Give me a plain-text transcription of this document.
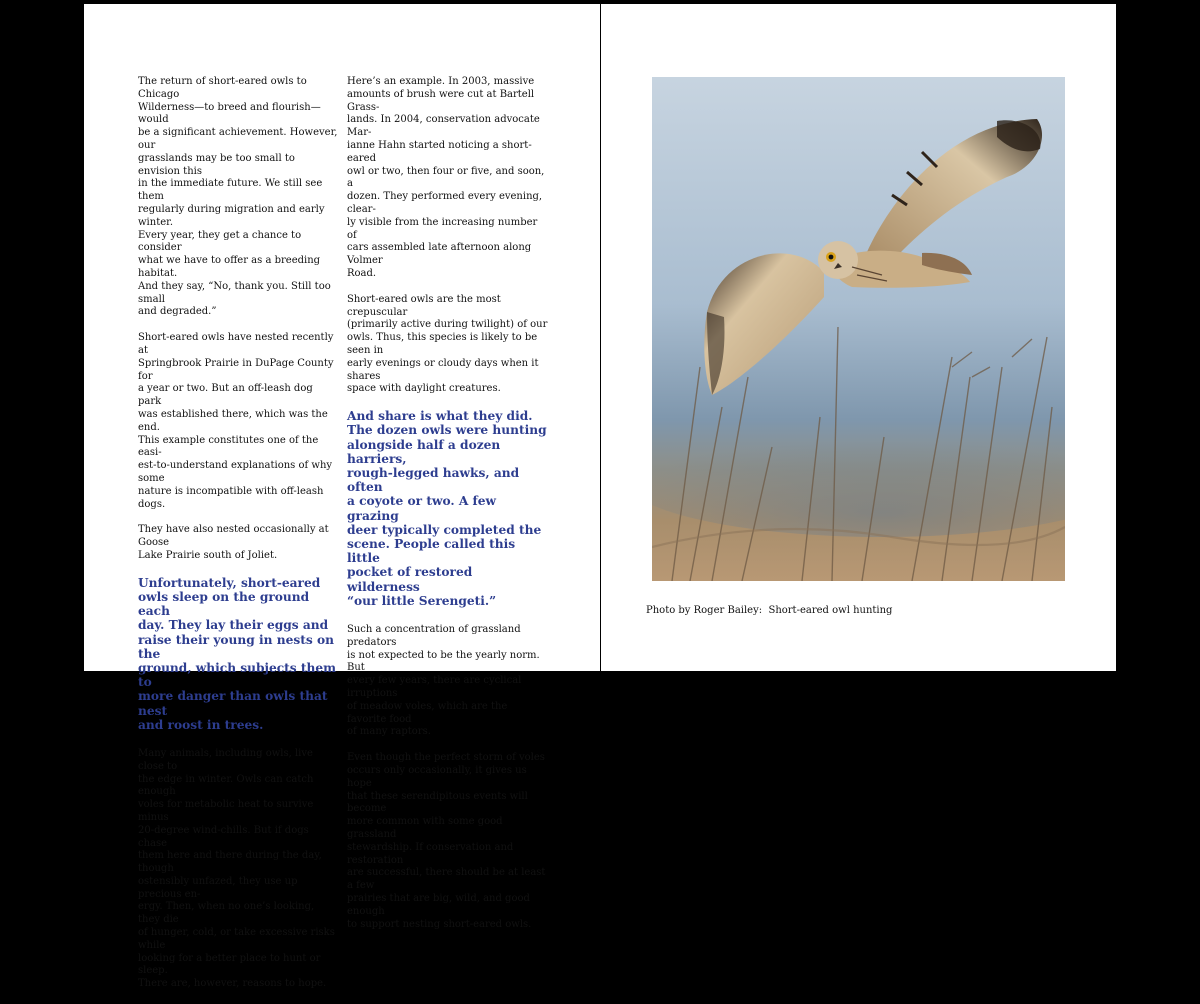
The return of short-eared owls to Chicago
Wilderness—to breed and flourish—would
be a significant achievement. However, our
grasslands may be too small to envision this
in the immediate future. We still see them
regularly during migration and early winter.
Every year, they get a chance to consider
what we have to offer as a breeding habitat.
And they say, “No, thank you. Still too small
and degraded.”

Short-eared owls have nested recently at
Springbrook Prairie in DuPage County for
a year or two. But an off-leash dog park
was established there, which was the end.
This example constitutes one of the easi-
est-to-understand explanations of why some
nature is incompatible with off-leash dogs.

They have also nested occasionally at Goose
Lake Prairie south of Joliet.

Unfortunately, short-eared
owls sleep on the ground each
day. They lay their eggs and
raise their young in nests on the
ground, which subjects them to
more danger than owls that nest
and roost in trees.

Many animals, including owls, live close to
the edge in winter. Owls can catch enough
voles for metabolic heat to survive minus
20-degree wind-chills. But if dogs chase
them here and there during the day, though
ostensibly unfazed, they use up precious en-
ergy. Then, when no one’s looking, they die
of hunger, cold, or take excessive risks while
looking for a better place to hunt or sleep.
There are, however, reasons to hope.

Here’s an example. In 2003, massive
amounts of brush were cut at Bartell Grass-
lands. In 2004, conservation advocate Mar-
ianne Hahn started noticing a short-eared
owl or two, then four or five, and soon, a
dozen. They performed every evening, clear-
ly visible from the increasing number of
cars assembled late afternoon along Volmer
Road.

Short-eared owls are the most crepuscular
(primarily active during twilight) of our
owls. Thus, this species is likely to be seen in
early evenings or cloudy days when it shares
space with daylight creatures.

And share is what they did.
The dozen owls were hunting
alongside half a dozen harriers,
rough-legged hawks, and often
a coyote or two. A few grazing
deer typically completed the
scene. People called this little
pocket of restored wilderness
“our little Serengeti.”

Such a concentration of grassland predators
is not expected to be the yearly norm. But
every few years, there are cyclical irruptions
of meadow voles, which are the favorite food
of many raptors.

Even though the perfect storm of voles
occurs only occasionally, it gives us hope
that these serendipitous events will become
more common with some good grassland
stewardship. If conservation and restoration
are successful, there should be at least a few
prairies that are big, wild, and good enough
to support nesting short-eared owls.

Photo by Roger Bailey:  Short-eared owl hunting
